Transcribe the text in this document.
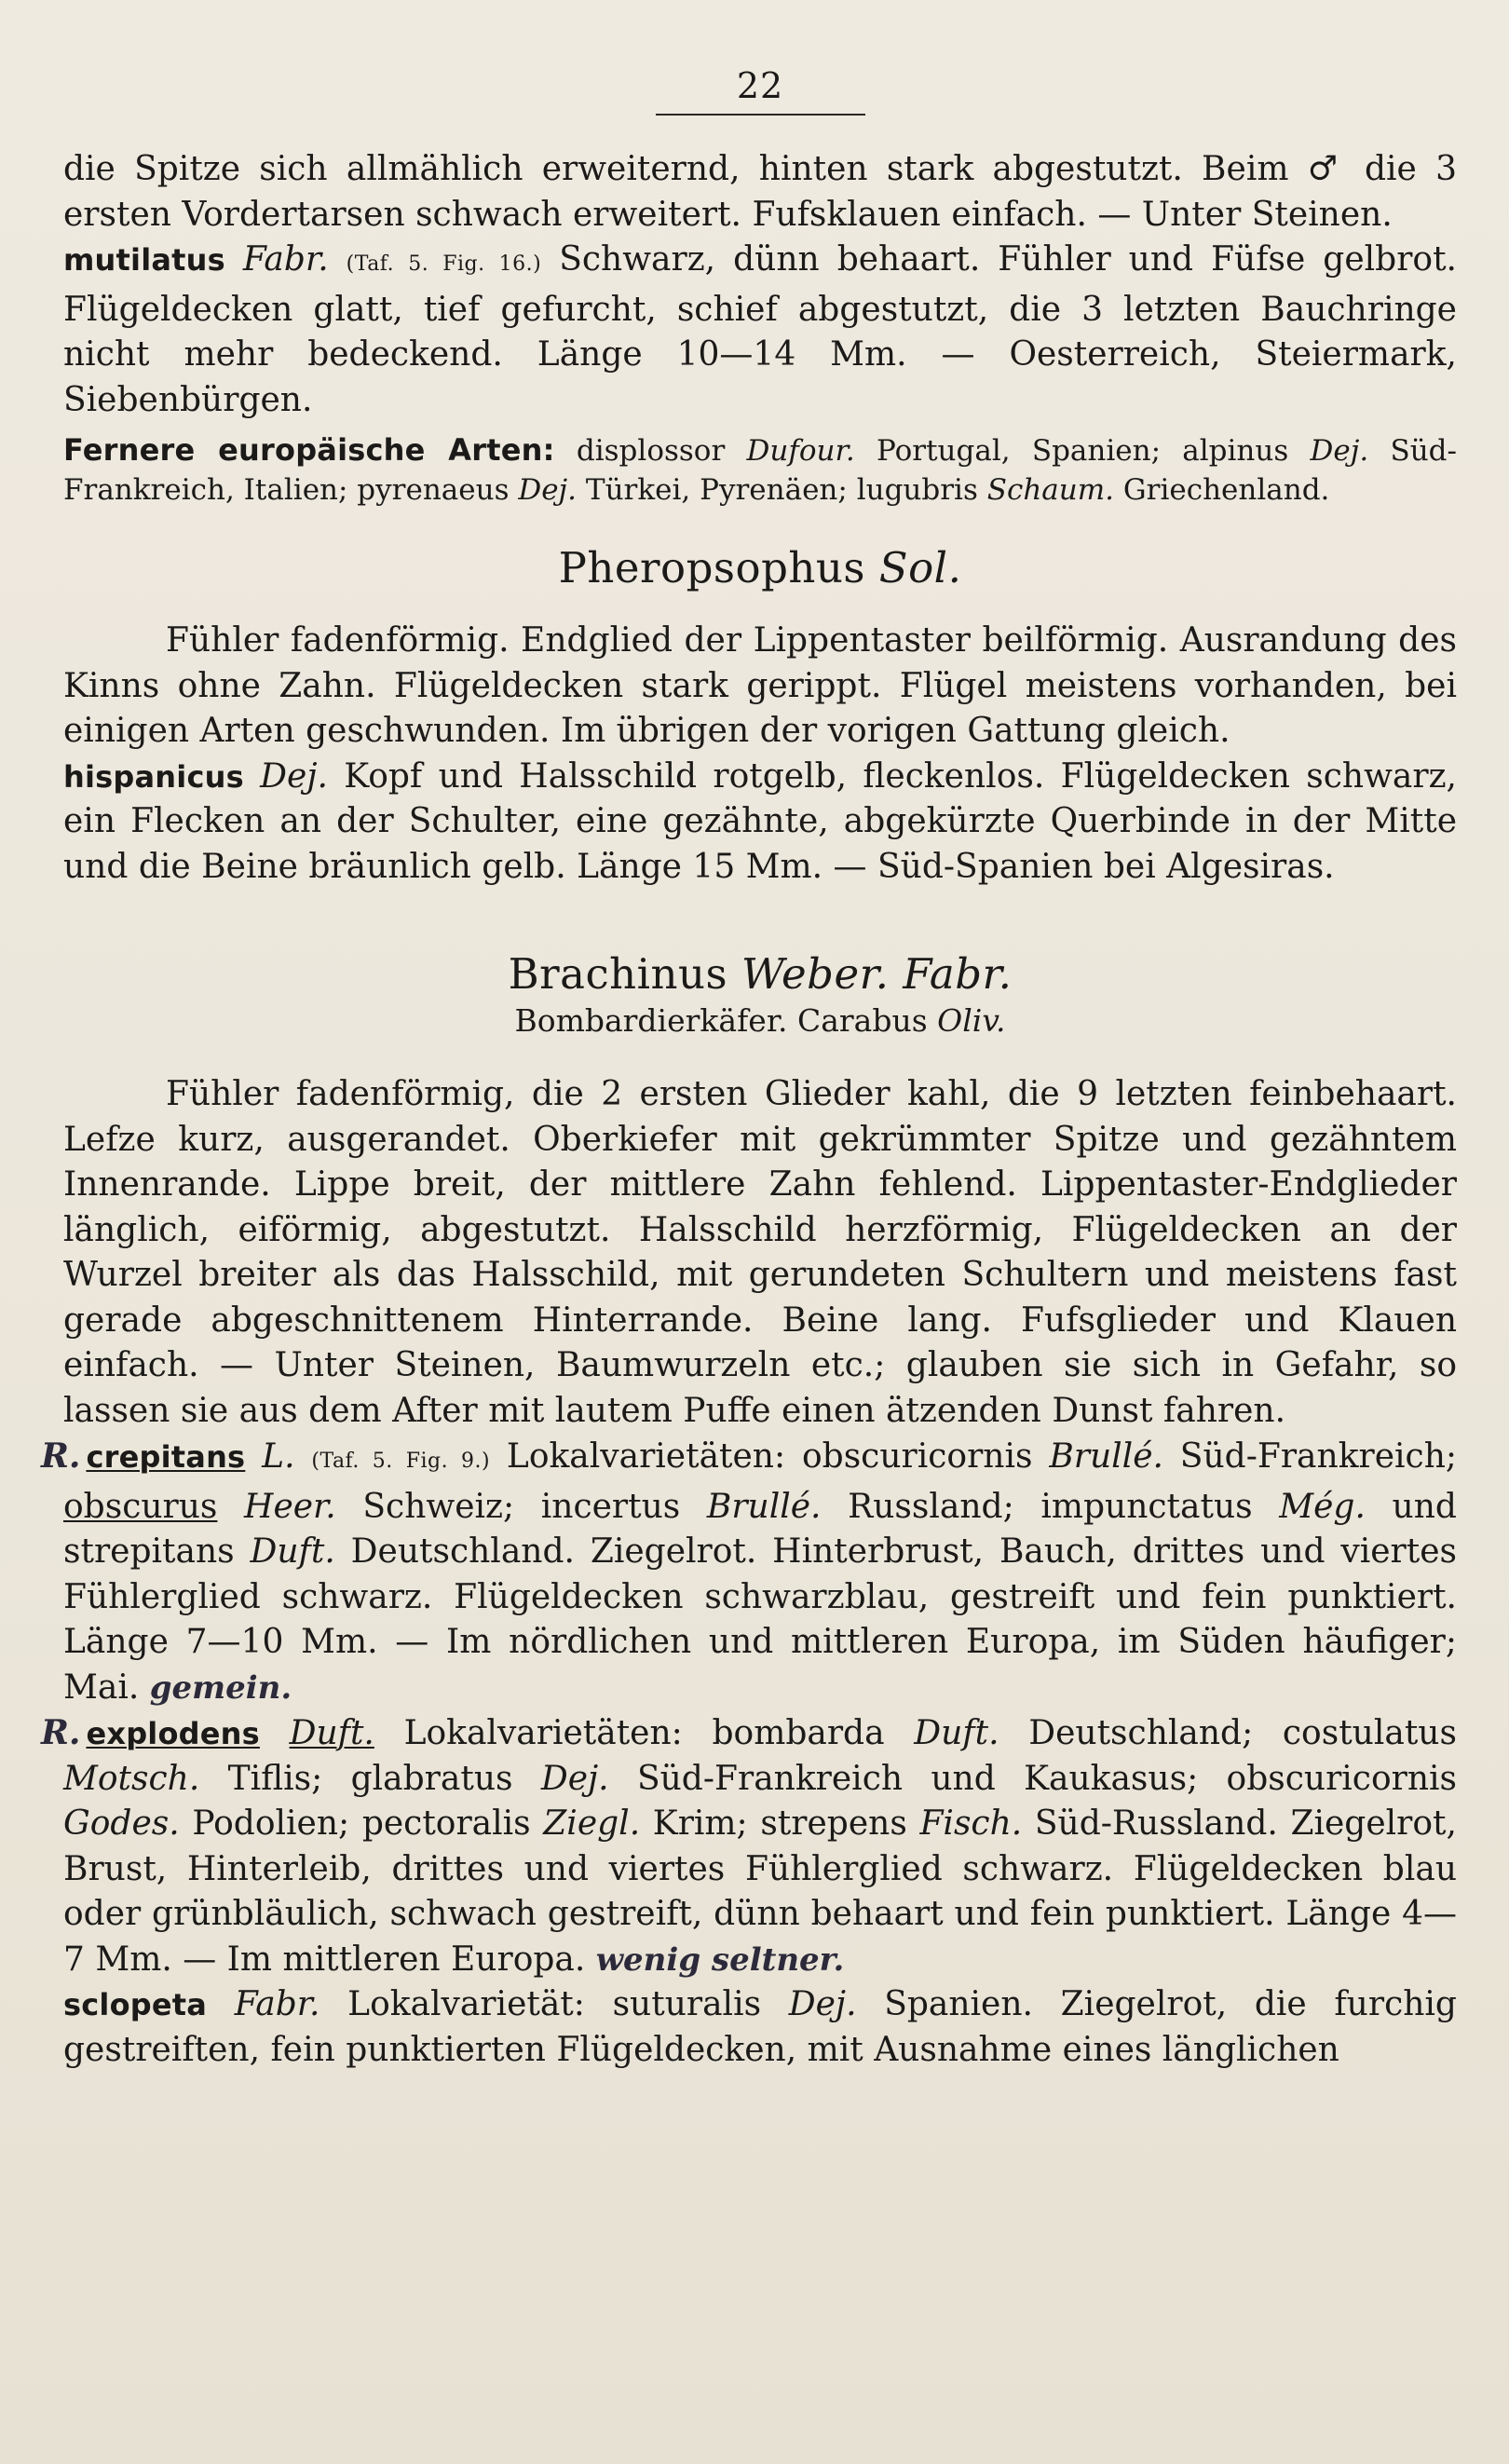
22

die Spitze sich allmählich erweiternd, hinten stark abgestutzt. Beim ♂ die 3 ersten Vordertarsen schwach erweitert. Fufsklauen einfach. — Unter Steinen.

mutilatus Fabr. (Taf. 5. Fig. 16.) Schwarz, dünn behaart. Fühler und Füfse gelbrot. Flügeldecken glatt, tief gefurcht, schief abgestutzt, die 3 letzten Bauchringe nicht mehr bedeckend. Länge 10—14 Mm. — Oesterreich, Steiermark, Siebenbürgen.

Fernere europäische Arten: displossor Dufour. Portugal, Spanien; alpinus Dej. Süd-Frankreich, Italien; pyrenaeus Dej. Türkei, Pyrenäen; lugubris Schaum. Griechenland.

Pheropsophus Sol.

Fühler fadenförmig. Endglied der Lippentaster beilförmig. Ausrandung des Kinns ohne Zahn. Flügeldecken stark gerippt. Flügel meistens vorhanden, bei einigen Arten geschwunden. Im übrigen der vorigen Gattung gleich.

hispanicus Dej. Kopf und Halsschild rotgelb, fleckenlos. Flügeldecken schwarz, ein Flecken an der Schulter, eine gezähnte, abgekürzte Querbinde in der Mitte und die Beine bräunlich gelb. Länge 15 Mm. — Süd-Spanien bei Algesiras.

Brachinus Weber. Fabr.
Bombardierkäfer. Carabus Oliv.

Fühler fadenförmig, die 2 ersten Glieder kahl, die 9 letzten feinbehaart. Lefze kurz, ausgerandet. Oberkiefer mit gekrümmter Spitze und gezähntem Innenrande. Lippe breit, der mittlere Zahn fehlend. Lippentaster-Endglieder länglich, eiförmig, abgestutzt. Halsschild herzförmig, Flügeldecken an der Wurzel breiter als das Halsschild, mit gerundeten Schultern und meistens fast gerade abgeschnittenem Hinterrande. Beine lang. Fufsglieder und Klauen einfach. — Unter Steinen, Baumwurzeln etc.; glauben sie sich in Gefahr, so lassen sie aus dem After mit lautem Puffe einen ätzenden Dunst fahren.

R. crepitans L. (Taf. 5. Fig. 9.) Lokalvarietäten: obscuricornis Brullé. Süd-Frankreich; obscurus Heer. Schweiz; incertus Brullé. Russland; impunctatus Még. und strepitans Duft. Deutschland. Ziegelrot. Hinterbrust, Bauch, drittes und viertes Fühlerglied schwarz. Flügeldecken schwarzblau, gestreift und fein punktiert. Länge 7—10 Mm. — Im nördlichen und mittleren Europa, im Süden häufiger; Mai. gemein.

R. explodens Duft. Lokalvarietäten: bombarda Duft. Deutschland; costulatus Motsch. Tiflis; glabratus Dej. Süd-Frankreich und Kaukasus; obscuricornis Godes. Podolien; pectoralis Ziegl. Krim; strepens Fisch. Süd-Russland. Ziegelrot, Brust, Hinterleib, drittes und viertes Fühlerglied schwarz. Flügeldecken blau oder grünbläulich, schwach gestreift, dünn behaart und fein punktiert. Länge 4—7 Mm. — Im mittleren Europa. wenig seltner.

sclopeta Fabr. Lokalvarietät: suturalis Dej. Spanien. Ziegelrot, die furchig gestreiften, fein punktierten Flügeldecken, mit Ausnahme eines länglichen
